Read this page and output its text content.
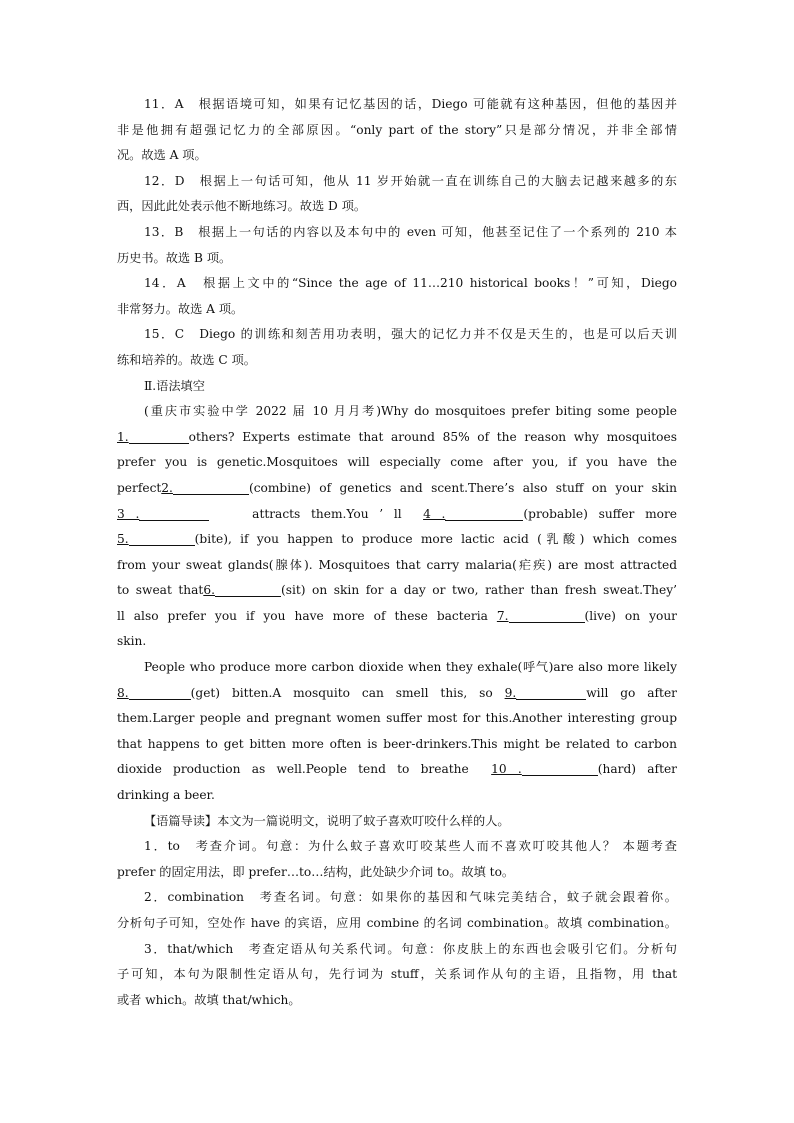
11．A　根据语境可知，如果有记忆基因的话，Diego 可能就有这种基因，但他的基因并

非是他拥有超强记忆力的全部原因。“only part of the story”只是部分情况，并非全部情

况。故选 A 项。

12．D　根据上一句话可知，他从 11 岁开始就一直在训练自己的大脑去记越来越多的东

西，因此此处表示他不断地练习。故选 D 项。

13．B　根据上一句话的内容以及本句中的 even 可知，他甚至记住了一个系列的 210 本

历史书。故选 B 项。

14．A　根据上文中的“Since the age of 11…210 historical books！”可知，Diego

非常努力。故选 A 项。

15．C　Diego 的训练和刻苦用功表明，强大的记忆力并不仅是天生的，也是可以后天训

练和培养的。故选 C 项。

Ⅱ.语法填空

(重庆市实验中学 2022 届 10 月月考)Why do mosquitoes prefer biting some people

1.	others? Experts estimate that around 85% of the reason why mosquitoes

prefer you is genetic.Mosquitoes will especially come after you, if you have the

perfect2.	(combine) of genetics and scent.There’s also stuff on your skin

3 .	attracts them.You ’ ll 4 .	(probable) suffer more

5.	(bite), if you happen to produce more lactic acid (乳酸) which comes

from your sweat glands(腺体). Mosquitoes that carry malaria(疟疾) are most attracted

to sweat that6.	(sit) on skin for a day or two, rather than fresh sweat.They’

ll also prefer you if you have more of these bacteria 7.	(live) on your

skin.

People who produce more carbon dioxide when they exhale(呼气)are also more likely

8.	(get) bitten.A mosquito can smell this, so 9.	will go after

them.Larger people and pregnant women suffer most for this.Another interesting group

that happens to get bitten more often is beer-drinkers.This might be related to carbon

dioxide production as well.People tend to breathe 10 .	(hard) after

drinking a beer.

【语篇导读】本文为一篇说明文，说明了蚊子喜欢叮咬什么样的人。

1．to　考查介词。句意：为什么蚊子喜欢叮咬某些人而不喜欢叮咬其他人？ 本题考查

prefer 的固定用法，即 prefer…to…结构，此处缺少介词 to。故填 to。

2．combination　考查名词。句意：如果你的基因和气味完美结合，蚊子就会跟着你。

分析句子可知，空处作 have 的宾语，应用 combine 的名词 combination。故填 combination。

3．that/which　考查定语从句关系代词。句意：你皮肤上的东西也会吸引它们。分析句

子可知，本句为限制性定语从句，先行词为 stuff，关系词作从句的主语，且指物，用 that

或者 which。故填 that/which。
